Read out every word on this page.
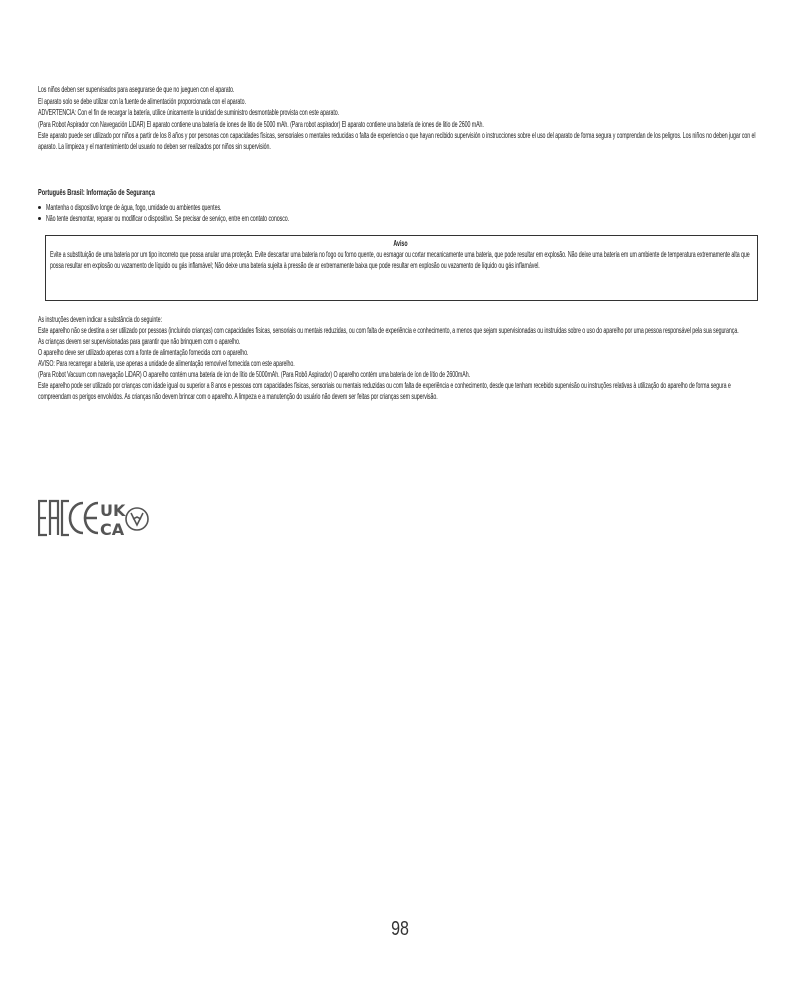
Los niños deben ser supervisados para asegurarse de que no jueguen con el aparato.
El aparato solo se debe utilizar con la fuente de alimentación proporcionada con el aparato.
ADVERTENCIA: Con el fin de recargar la batería, utilice únicamente la unidad de suministro desmontable provista con este aparato.
(Para Robot Aspirador con Navegación LiDAR) El aparato contiene una batería de iones de litio de 5000 mAh. (Para robot aspirador) El aparato contiene una batería de iones de litio de 2600 mAh.
Este aparato puede ser utilizado por niños a partir de los 8 años y por personas con capacidades físicas, sensoriales o mentales reducidas o falta de experiencia o que hayan recibido supervisión o instrucciones sobre el uso del aparato de forma segura y comprendan de los peligros. Los niños no deben jugar con el aparato. La limpieza y el mantenimiento del usuario no deben ser realizados por niños sin supervisión.
Português Brasil: Informação de Segurança
Mantenha o dispositivo longe de água, fogo, umidade ou ambientes quentes.
Não tente desmontar, reparar ou modificar o dispositivo. Se precisar de serviço, entre em contato conosco.
Aviso
Evite a substituição de uma bateria por um tipo incorreto que possa anular uma proteção. Evite descartar uma bateria no fogo ou forno quente, ou esmagar ou cortar mecanicamente uma bateria, que pode resultar em explosão. Não deixe uma bateria em um ambiente de temperatura extremamente alta que possa resultar em explosão ou vazamento de líquido ou gás inflamável; Não deixe uma bateria sujeita à pressão de ar extremamente baixa que pode resultar em explosão ou vazamento de líquido ou gás inflamável.
As instruções devem indicar a substância do seguinte:
Este aparelho não se destina a ser utilizado por pessoas (incluindo crianças) com capacidades físicas, sensoriais ou mentais reduzidas, ou com falta de experiência e conhecimento, a menos que sejam supervisionadas ou instruídas sobre o uso do aparelho por uma pessoa responsável pela sua segurança.
As crianças devem ser supervisionadas para garantir que não brinquem com o aparelho.
O aparelho deve ser utilizado apenas com a fonte de alimentação fornecida com o aparelho.
AVISO: Para recarregar a bateria, use apenas a unidade de alimentação removível fornecida com este aparelho.
(Para Robot Vacuum com navegação LiDAR) O aparelho contém uma bateria de íon de lítio de 5000mAh. (Para Robô Aspirador) O aparelho contém uma bateria de íon de lítio de 2600mAh.
Este aparelho pode ser utilizado por crianças com idade igual ou superior a 8 anos e pessoas com capacidades físicas, sensoriais ou mentais reduzidas ou com falta de experiência e conhecimento, desde que tenham recebido supervisão ou instruções relativas à utilização do aparelho de forma segura e compreendam os perigos envolvidos. As crianças não devem brincar com o aparelho. A limpeza e a manutenção do usuário não devem ser feitas por crianças sem supervisão.
UK
CA
98
